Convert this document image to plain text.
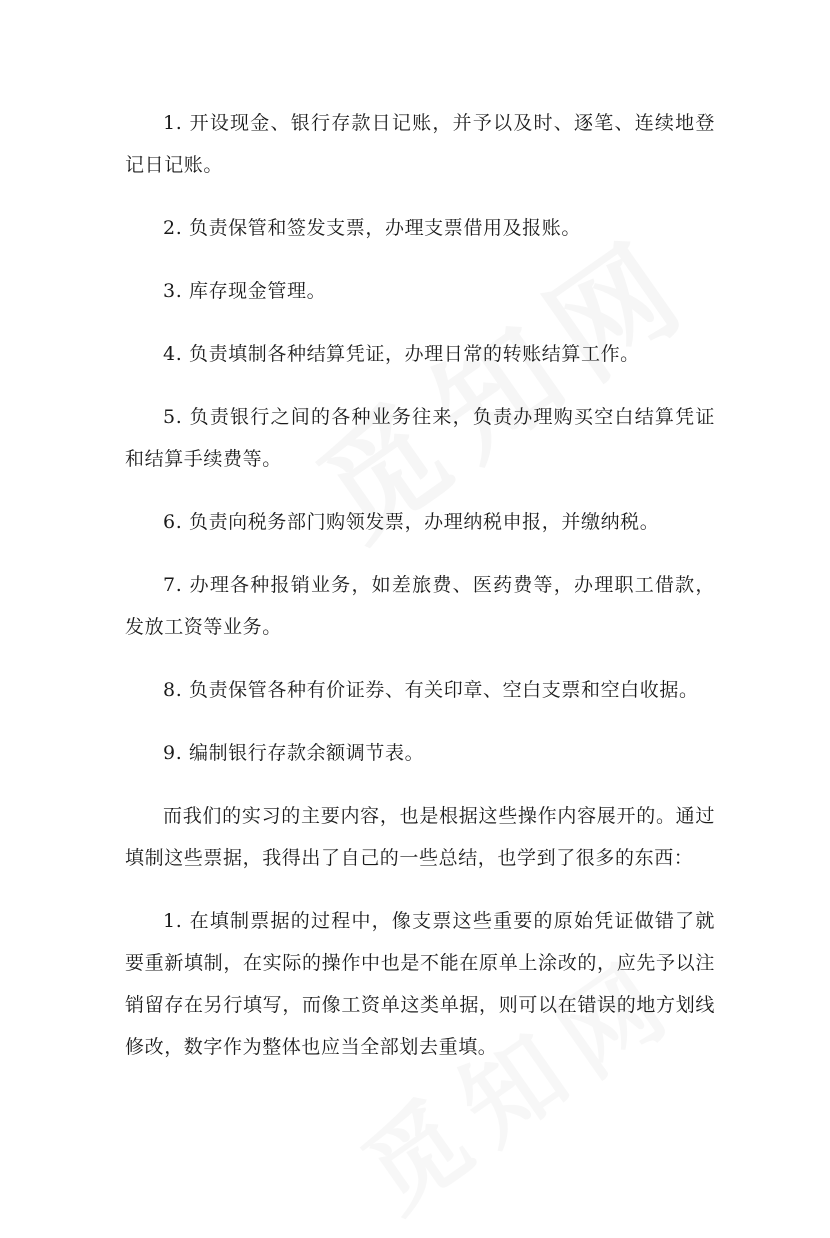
1. 开设现金、银行存款日记账，并予以及时、逐笔、连续地登记日记账。

2. 负责保管和签发支票，办理支票借用及报账。

3. 库存现金管理。

4. 负责填制各种结算凭证，办理日常的转账结算工作。

5. 负责银行之间的各种业务往来，负责办理购买空白结算凭证和结算手续费等。

6. 负责向税务部门购领发票，办理纳税申报，并缴纳税。

7. 办理各种报销业务，如差旅费、医药费等，办理职工借款，发放工资等业务。

8. 负责保管各种有价证券、有关印章、空白支票和空白收据。

9. 编制银行存款余额调节表。

而我们的实习的主要内容，也是根据这些操作内容展开的。通过填制这些票据，我得出了自己的一些总结，也学到了很多的东西：

1. 在填制票据的过程中，像支票这些重要的原始凭证做错了就要重新填制，在实际的操作中也是不能在原单上涂改的，应先予以注销留存在另行填写，而像工资单这类单据，则可以在错误的地方划线修改，数字作为整体也应当全部划去重填。
